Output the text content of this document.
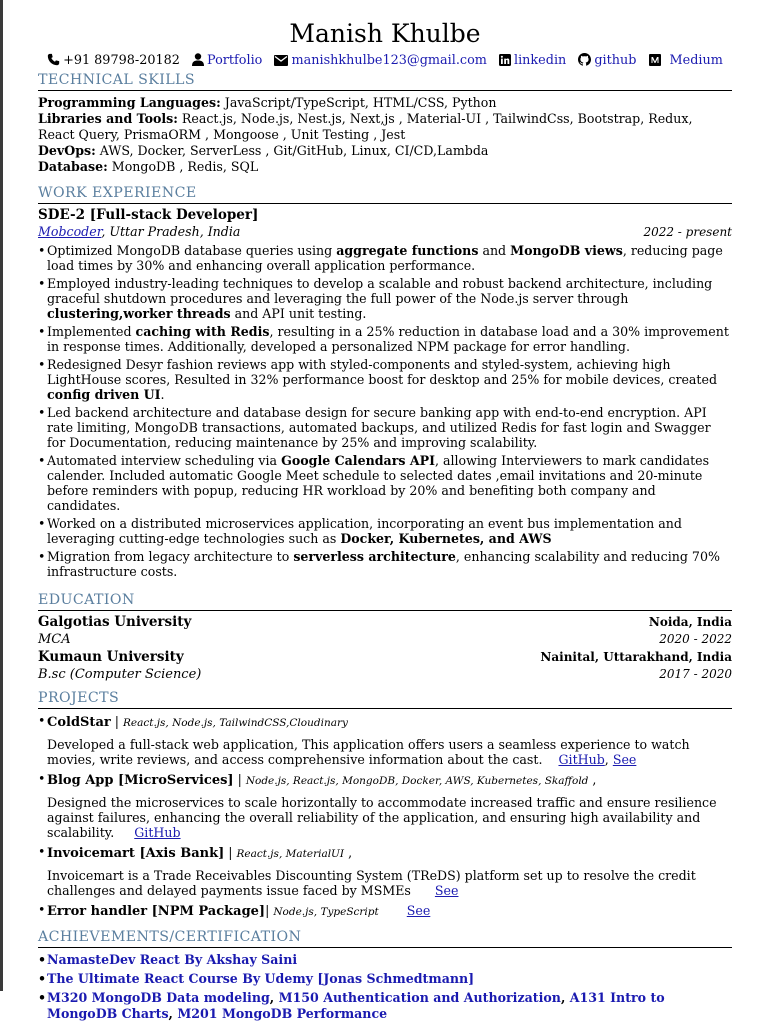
Manish Khulbe
+91 89798-20182 Portfolio manishkhulbe123@gmail.com linkedin github	Medium
TECHNICAL SKILLS

Programming Languages: JavaScript/TypeScript, HTML/CSS, Python

Libraries and Tools: React.js, Node.js, Nest.js, Next,js , Material-UI , TailwindCss, Bootstrap, Redux, React Query, PrismaORM , Mongoose , Unit Testing , Jest

DevOps: AWS, Docker, ServerLess , Git/GitHub, Linux, CI/CD,Lambda

Database: MongoDB , Redis, SQL

WORK EXPERIENCE
SDE-2 [Full-stack Developer]
Mobcoder, Uttar Pradesh, India	2022 - present
• Optimized MongoDB database queries using aggregate functions and MongoDB views, reducing page load times by 30% and enhancing overall application performance.
• Employed industry-leading techniques to develop a scalable and robust backend architecture, including graceful shutdown procedures and leveraging the full power of the Node.js server through clustering,worker threads and API unit testing.
• Implemented caching with Redis, resulting in a 25% reduction in database load and a 30% improvement in response times. Additionally, developed a personalized NPM package for error handling.
• Redesigned Desyr fashion reviews app with styled-components and styled-system, achieving high LightHouse scores, Resulted in 32% performance boost for desktop and 25% for mobile devices, created config driven UI.
• Led backend architecture and database design for secure banking app with end-to-end encryption. API rate limiting, MongoDB transactions, automated backups, and utilized Redis for fast login and Swagger for Documentation, reducing maintenance by 25% and improving scalability.
• Automated interview scheduling via Google Calendars API, allowing Interviewers to mark candidates calender. Included automatic Google Meet schedule to selected dates ,email invitations and 20-minute before reminders with popup, reducing HR workload by 20% and benefiting both company and candidates.
• Worked on a distributed microservices application, incorporating an event bus implementation and leveraging cutting-edge technologies such as Docker, Kubernetes, and AWS
• Migration from legacy architecture to serverless architecture, enhancing scalability and reducing 70% infrastructure costs.
EDUCATION
Galgotias University	Noida, India
MCA	2020 - 2022
Kumaun University	Nainital, Uttarakhand, India
B.sc (Computer Science)	2017 - 2020
PROJECTS
• ColdStar | React.js, Node.js, TailwindCSS,Cloudinary
Developed a full-stack web application, This application offers users a seamless experience to watch movies, write reviews, and access comprehensive information about the cast. GitHub, See
• Blog App [MicroServices] | Node.js, React.js, MongoDB, Docker, AWS, Kubernetes, Skaffold ,
Designed the microservices to scale horizontally to accommodate increased traffic and ensure resilience against failures, enhancing the overall reliability of the application, and ensuring high availability and scalability. GitHub
• Invoicemart [Axis Bank] | React.js, MaterialUI ,
Invoicemart is a Trade Receivables Discounting System (TReDS) platform set up to resolve the credit challenges and delayed payments issue faced by MSMEs See
• Error handler [NPM Package]| Node.js, TypeScript See
ACHIEVEMENTS/CERTIFICATION
• NamasteDev React By Akshay Saini
• The Ultimate React Course By Udemy [Jonas Schmedtmann]
• M320 MongoDB Data modeling, M150 Authentication and Authorization, A131 Intro to MongoDB Charts, M201 MongoDB Performance
